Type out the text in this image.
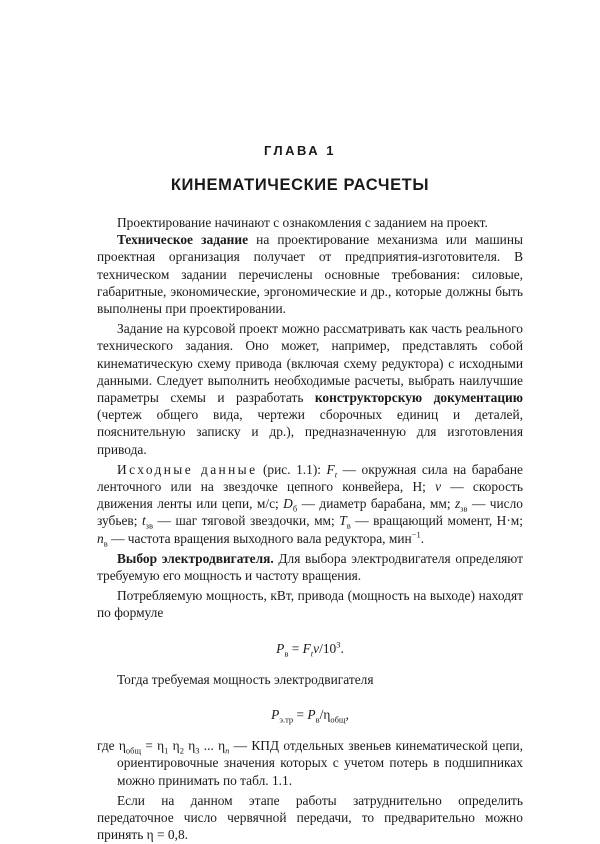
ГЛАВА 1
КИНЕМАТИЧЕСКИЕ РАСЧЕТЫ

Проектирование начинают с ознакомления с заданием на проект.

Техническое задание на проектирование механизма или машины проектная организация получает от предприятия-изготовителя. В техническом задании перечислены основные требования: силовые, габаритные, экономические, эргономические и др., которые должны быть выполнены при проектировании.

Задание на курсовой проект можно рассматривать как часть реального технического задания. Оно может, например, представлять собой кинематическую схему привода (включая схему редуктора) с исходными данными. Следует выполнить необходимые расчеты, выбрать наилучшие параметры схемы и разработать конструкторскую документацию (чертеж общего вида, чертежи сборочных единиц и деталей, пояснительную записку и др.), предназначенную для изготовления привода.

Исходные данные (рис. 1.1): $F_t$ — окружная сила на барабане ленточного или на звездочке цепного конвейера, Н; v — скорость движения ленты или цепи, м/с; $D_б$ — диаметр барабана, мм; $z_{зв}$ — число зубьев; $t_{зв}$ — шаг тяговой звездочки, мм; $T_в$ — вращающий момент, Н·м; $n_в$ — частота вращения выходного вала редуктора, мин$^{-1}$.

Выбор электродвигателя. Для выбора электродвигателя определяют требуемую его мощность и частоту вращения.

Потребляемую мощность, кВт, привода (мощность на выходе) находят по формуле

$P_в = F_tv/10^3$.

Тогда требуемая мощность электродвигателя

$P_{э.тр} = P_в/\eta_{общ}$,

где $\eta_{общ} = \eta_1$ $\eta_2$ $\eta_3$ ... $\eta_n$ — КПД отдельных звеньев кинематической цепи, ориентировочные значения которых с учетом потерь в подшипниках можно принимать по табл. 1.1.

Если на данном этапе работы затруднительно определить передаточное число червячной передачи, то предварительно можно принять η = 0,8.
